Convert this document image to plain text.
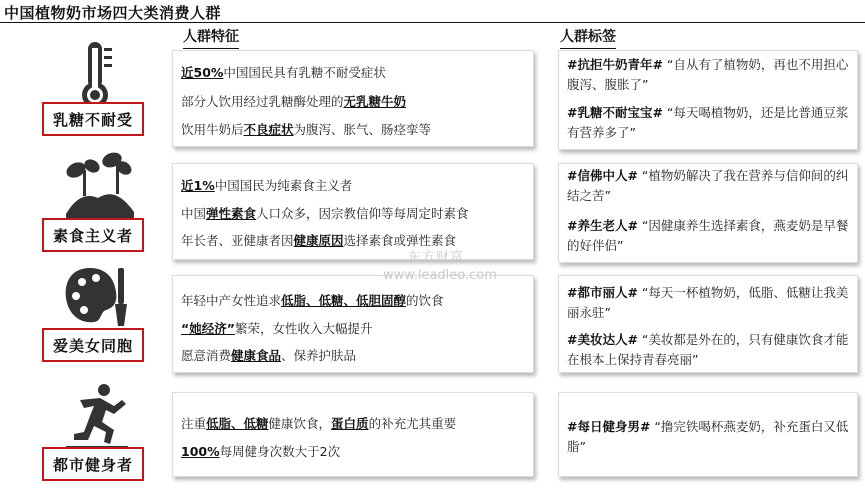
中国植物奶市场四大类消费人群
人群特征	人群标签
乳糖不耐受
近50%中国国民具有乳糖不耐受症状
部分人饮用经过乳糖酶处理的无乳糖牛奶
饮用牛奶后不良症状为腹泻、胀气、肠痉挛等
#抗拒牛奶青年# “自从有了植物奶，再也不用担心腹泻、腹胀了”
#乳糖不耐宝宝# “每天喝植物奶，还是比普通豆浆有营养多了”
素食主义者
近1%中国国民为纯素食主义者
中国弹性素食人口众多，因宗教信仰等每周定时素食
年长者、亚健康者因健康原因选择素食或弹性素食
#信佛中人# “植物奶解决了我在营养与信仰间的纠结之苦”
#养生老人# “因健康养生选择素食，燕麦奶是早餐的好伴侣”
爱美女同胞
年轻中产女性追求低脂、低糖、低胆固醇的饮食
“她经济”繁荣，女性收入大幅提升
愿意消费健康食品、保养护肤品
#都市丽人# “每天一杯植物奶，低脂、低糖让我美丽永驻”
#美妆达人# “美妆都是外在的，只有健康饮食才能在根本上保持青春亮丽”
都市健身者
注重低脂、低糖健康饮食，蛋白质的补充尤其重要
100%每周健身次数大于2次
#每日健身男# “撸完铁喝杯燕麦奶，补充蛋白又低脂”
东方财富
www.leadleo.com
